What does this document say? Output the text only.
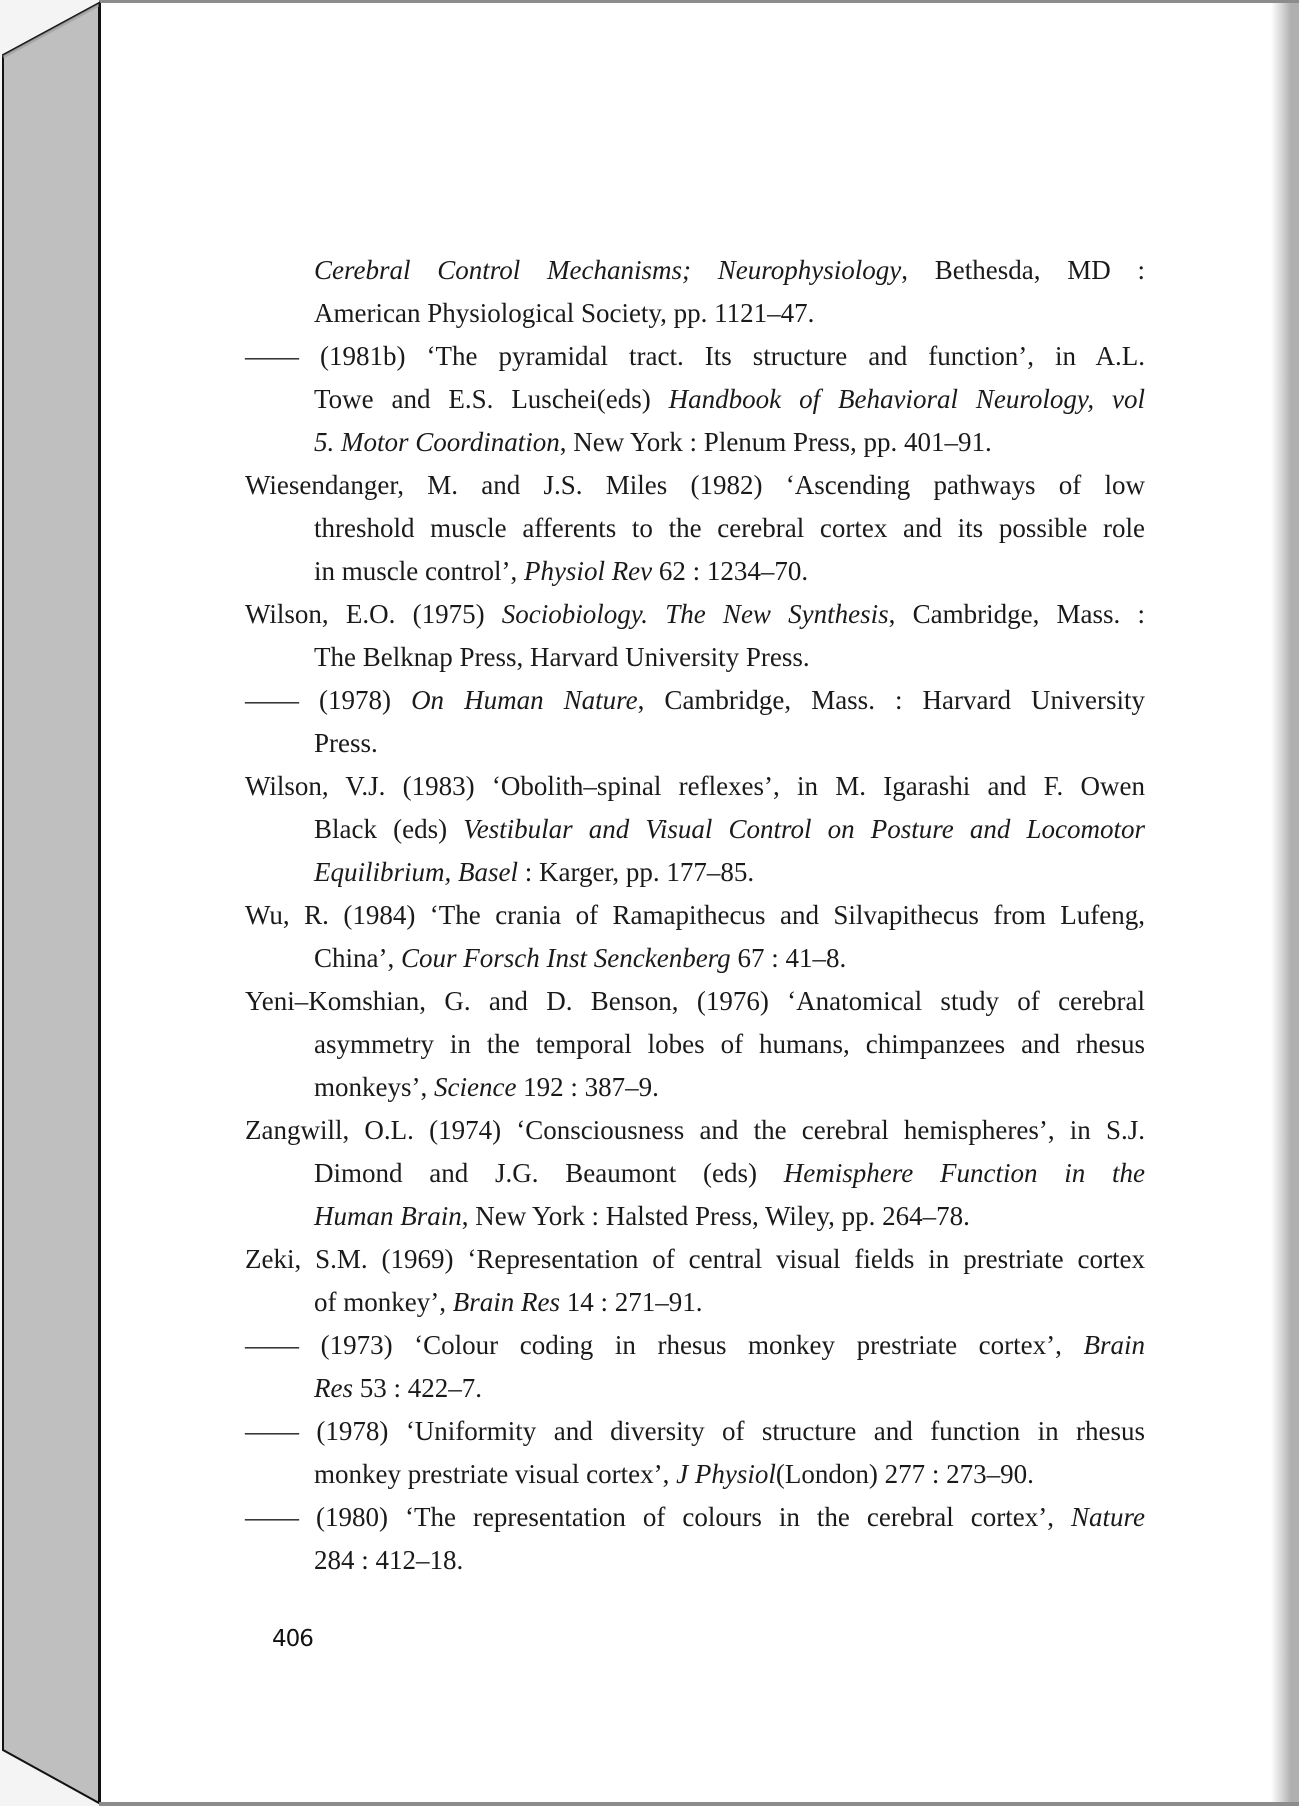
Cerebral Control Mechanisms; Neurophysiology, Bethesda, MD :
American Physiological Society, pp. 1121–47.
—— (1981b) ‘The pyramidal tract. Its structure and function’, in A.L.
Towe and E.S. Luschei(eds) Handbook of Behavioral Neurology, vol
5. Motor Coordination, New York : Plenum Press, pp. 401–91.
Wiesendanger, M. and J.S. Miles (1982) ‘Ascending pathways of low
threshold muscle afferents to the cerebral cortex and its possible role
in muscle control’, Physiol Rev 62 : 1234–70.
Wilson, E.O. (1975) Sociobiology. The New Synthesis, Cambridge, Mass. :
The Belknap Press, Harvard University Press.
—— (1978) On Human Nature, Cambridge, Mass. : Harvard University
Press.
Wilson, V.J. (1983) ‘Obolith–spinal reflexes’, in M. Igarashi and F. Owen
Black (eds) Vestibular and Visual Control on Posture and Locomotor
Equilibrium, Basel : Karger, pp. 177–85.
Wu, R. (1984) ‘The crania of Ramapithecus and Silvapithecus from Lufeng,
China’, Cour Forsch Inst Senckenberg 67 : 41–8.
Yeni–Komshian, G. and D. Benson, (1976) ‘Anatomical study of cerebral
asymmetry in the temporal lobes of humans, chimpanzees and rhesus
monkeys’, Science 192 : 387–9.
Zangwill, O.L. (1974) ‘Consciousness and the cerebral hemispheres’, in S.J.
Dimond and J.G. Beaumont (eds) Hemisphere Function in the
Human Brain, New York : Halsted Press, Wiley, pp. 264–78.
Zeki, S.M. (1969) ‘Representation of central visual fields in prestriate cortex
of monkey’, Brain Res 14 : 271–91.
—— (1973) ‘Colour coding in rhesus monkey prestriate cortex’, Brain
Res 53 : 422–7.
—— (1978) ‘Uniformity and diversity of structure and function in rhesus
monkey prestriate visual cortex’, J Physiol(London) 277 : 273–90.
—— (1980) ‘The representation of colours in the cerebral cortex’, Nature
284 : 412–18.
406
